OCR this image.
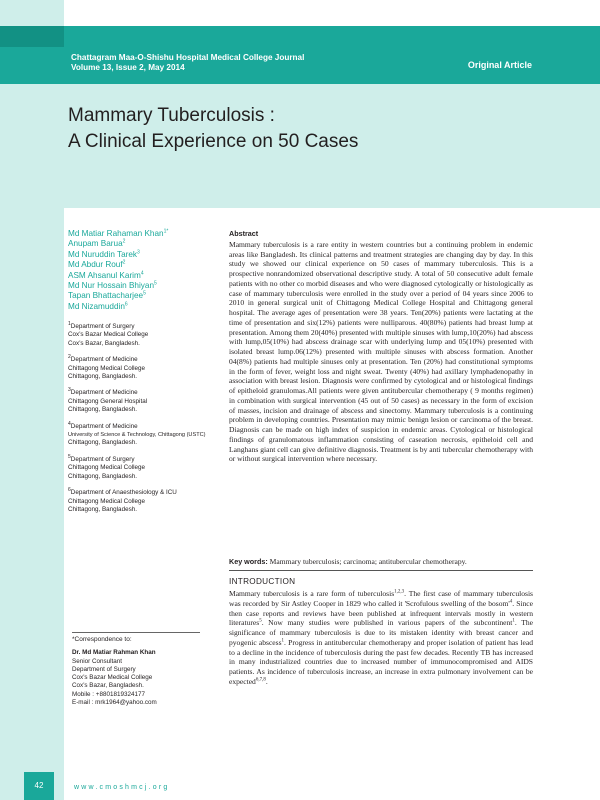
Chattagram Maa-O-Shishu Hospital Medical College Journal
Volume 13, Issue 2, May 2014	Original Article
Mammary Tuberculosis :
A Clinical Experience on 50 Cases
Md Matiar Rahaman Khan$^{1*}$
Anupam Barua$^2$
Md Nuruddin Tarek$^3$
Md Abdur Rouf$^2$
ASM Ahsanul Karim$^4$
Md Nur Hossain Bhiyan$^5$
Tapan Bhattacharjee$^5$
Md Nizamuddin$^6$
$^1$Department of Surgery
Cox's Bazar Medical College
Cox's Bazar, Bangladesh.
$^2$Department of Medicine
Chittagong Medical College
Chittagong, Bangladesh.
$^3$Department of Medicine
Chittagong General Hospital
Chittagong, Bangladesh.
$^4$Department of Medicine
University of Science & Technology, Chittagong (USTC)
Chittagong, Bangladesh.
$^5$Department of Surgery
Chittagong Medical College
Chittagong, Bangladesh.
$^6$Department of Anaesthesiology & ICU
Chittagong Medical College
Chittagong, Bangladesh.
*Correspondence to:
Dr. Md Matiar Rahman Khan
Senior Consultant
Department of Surgery
Cox's Bazar Medical College
Cox's Bazar, Bangladesh.
Mobile : +8801819324177
E-mail : mrk1964@yahoo.com
Abstract

Mammary tuberculosis is a rare entity in western countries but a continuing problem in endemic areas like Bangladesh. Its clinical patterns and treatment strategies are changing day by day. In this study we showed our clinical experience on 50 cases of mammary tuberculosis. This is a prospective nonrandomized observational descriptive study. A total of 50 consecutive adult female patients with no other co morbid diseases and who were diagnosed cytologically or histologically as case of mammary tuberculosis were enrolled in the study over a period of 04 years since 2006 to 2010 in general surgical unit of Chittagong Medical College Hospital and Chittagong general hospital. The average ages of presentation were 38 years. Ten(20%) patients were lactating at the time of presentation and six(12%) patients were nulliparous. 40(80%) patients had breast lump at presentation. Among them 20(40%) presented with multiple sinuses with lump,10(20%) had abscess with lump,05(10%) had abscess drainage scar with underlying lump and 05(10%) presented with isolated breast lump.06(12%) presented with multiple sinuses with abscess formation. Another 04(8%) patients had multiple sinuses only at presentation. Ten (20%) had constitutional symptoms in the form of fever, weight loss and night sweat. Twenty (40%) had axillary lymphadenopathy in association with breast lesion. Diagnosis were confirmed by cytological and or histological findings of epitheloid granulomas.All patients were given antitubercular chemotherapy ( 9 months regimen) in combination with surgical intervention (45 out of 50 cases) as necessary in the form of excision of masses, incision and drainage of abscess and sinectomy. Mammary tuberculosis is a continuing problem in developing countries. Presentation may mimic benign lesion or carcinoma of the breast. Diagnosis can be made on high index of suspicion in endemic areas. Cytological or histological findings of granulomatous inflammation consisting of caseation necrosis, epitheloid cell and Langhans giant cell can give definitive diagnosis. Treatment is by anti tubercular chemotherapy with or without surgical intervention where necessary.

Key words: Mammary tuberculosis; carcinoma; antitubercular chemotherapy.
INTRODUCTION

Mammary tuberculosis is a rare form of tuberculosis$^{1,2,3}$. The first case of mammary tuberculosis was recorded by Sir Astley Cooper in 1829 who called it 'Scrofulous swelling of the $bosom'^4$. Since then case reports and reviews have been published at infrequent intervals mostly in western literatures$^5$. Now many studies were published in various papers of the subcontinent$^1$. The significance of mammary tuberculosis is due to its mistaken identity with breast cancer and pyogenic abscess$^1$. Progress in antitubercular chemotherapy and proper isolation of patient has lead to a decline in the incidence of tuberculosis during the past few decades. Recently TB has increased in many industrialized countries due to increased number of immunocompromised and AIDS patients. As incidence of tuberculosis increase, an increase in extra pulmonary involvement can be expected$^{6,7,8}$.

42	www.cmoshmcj.org
